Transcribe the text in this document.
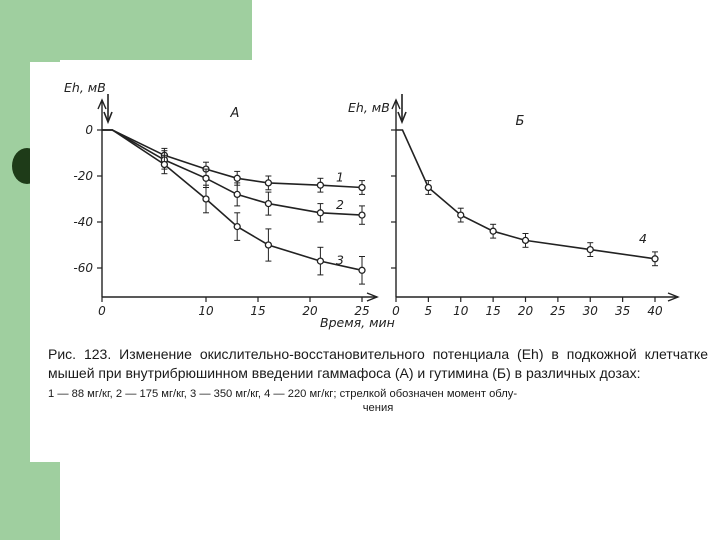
0
-20
-40
-60
0	10	15	20	25
Eh, мВ
Время, мин
A
1
2
3
0 5 10 15 20 25 30 35 40
Eh, мВ
Б
4

Рис. 123. Изменение окислительно-восстановительного потенциала (Eh) в подкожной клетчатке мышей при внутрибрюшинном введении гаммафоса (A) и гутимина (Б) в различных дозах:

1 — 88 мг/кг, 2 — 175 мг/кг, 3 — 350 мг/кг, 4 — 220 мг/кг; стрелкой обозначен момент облу-
чения
